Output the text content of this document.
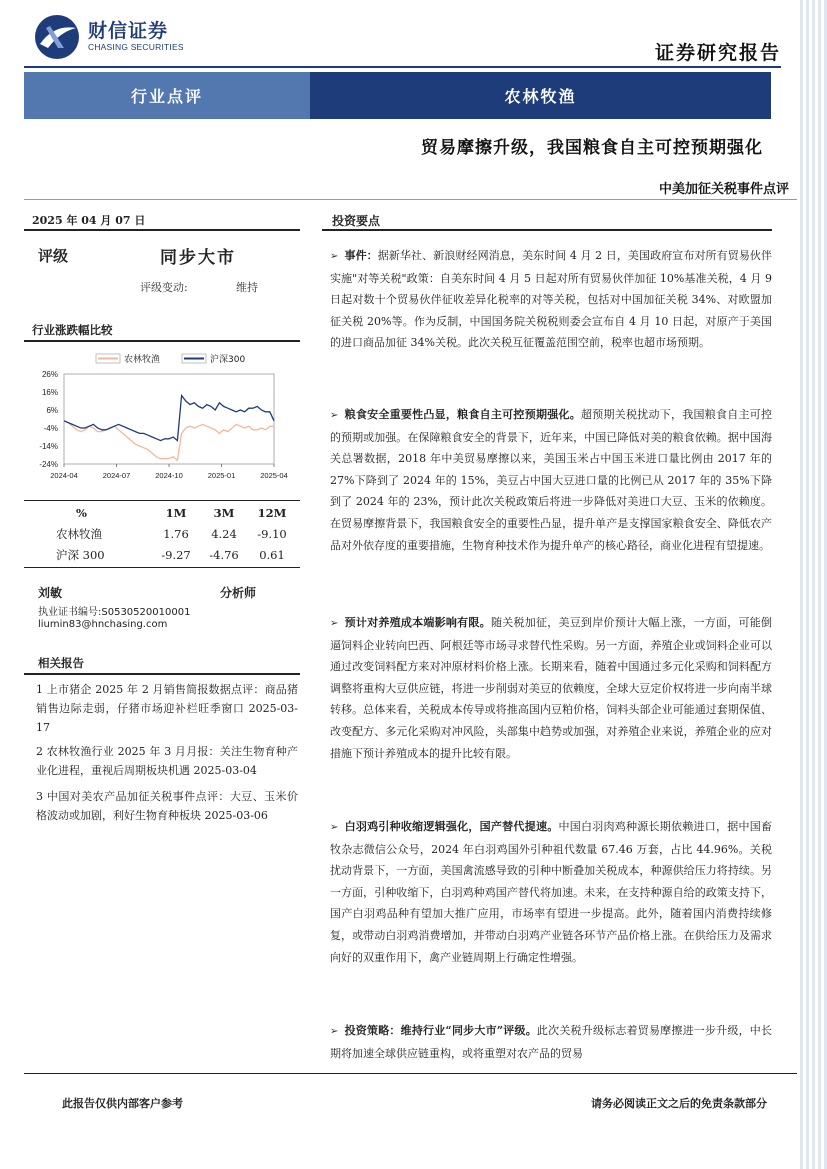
财信证券
CHASING SECURITIES	证券研究报告
行业点评	农林牧渔
贸易摩擦升级，我国粮食自主可控预期强化
中美加征关税事件点评
2025 年 04 月 07 日
评级	同步大市
评级变动:	维持
行业涨跌幅比较
26%
16%
6%
-4%
-14%
-24%
2024-04	2024-07	2024-10	2025-01	2025-04
农林牧渔	沪深300
%	1M	3M	12M
农林牧渔	1.76	4.24	-9.10
沪深 300	-9.27	-4.76	0.61
刘敏	分析师
执业证书编号:S0530520010001
liumin83@hnchasing.com
相关报告
1 上市猪企 2025 年 2 月销售简报数据点评：商品猪销售边际走弱，仔猪市场迎补栏旺季窗口 2025-03-17
2 农林牧渔行业 2025 年 3 月月报：关注生物育种产业化进程，重视后周期板块机遇 2025-03-04
3 中国对美农产品加征关税事件点评：大豆、玉米价格波动或加剧，利好生物育种板块 2025-03-06
投资要点
➢ 事件：据新华社、新浪财经网消息，美东时间 4 月 2 日，美国政府宣布对所有贸易伙伴实施"对等关税"政策：自美东时间 4 月 5 日起对所有贸易伙伴加征 10%基准关税，4 月 9 日起对数十个贸易伙伴征收差异化税率的对等关税，包括对中国加征关税 34%、对欧盟加征关税 20%等。作为反制，中国国务院关税税则委会宣布自 4 月 10 日起，对原产于美国的进口商品加征 34%关税。此次关税互征覆盖范围空前，税率也超市场预期。
➢ 粮食安全重要性凸显，粮食自主可控预期强化。超预期关税扰动下，我国粮食自主可控的预期或加强。在保障粮食安全的背景下，近年来，中国已降低对美的粮食依赖。据中国海关总署数据，2018 年中美贸易摩擦以来，美国玉米占中国玉米进口量比例由 2017 年的 27%下降到了 2024 年的 15%，美豆占中国大豆进口量的比例已从 2017 年的 35%下降到了 2024 年的 23%，预计此次关税政策后将进一步降低对美进口大豆、玉米的依赖度。在贸易摩擦背景下，我国粮食安全的重要性凸显，提升单产是支撑国家粮食安全、降低农产品对外依存度的重要措施，生物育种技术作为提升单产的核心路径，商业化进程有望提速。
➢ 预计对养殖成本端影响有限。随关税加征，美豆到岸价预计大幅上涨，一方面，可能倒逼饲料企业转向巴西、阿根廷等市场寻求替代性采购。另一方面，养殖企业或饲料企业可以通过改变饲料配方来对冲原材料价格上涨。长期来看，随着中国通过多元化采购和饲料配方调整将重构大豆供应链，将进一步削弱对美豆的依赖度，全球大豆定价权将进一步向南半球转移。总体来看，关税成本传导或将推高国内豆粕价格，饲料头部企业可能通过套期保值、改变配方、多元化采购对冲风险，头部集中趋势或加强，对养殖企业来说，养殖企业的应对措施下预计养殖成本的提升比较有限。
➢ 白羽鸡引种收缩逻辑强化，国产替代提速。中国白羽肉鸡种源长期依赖进口，据中国畜牧杂志微信公众号，2024 年白羽鸡国外引种祖代数量 67.46 万套，占比 44.96%。关税扰动背景下，一方面，美国禽流感导致的引种中断叠加关税成本，种源供给压力将持续。另一方面，引种收缩下，白羽鸡种鸡国产替代将加速。未来，在支持种源自给的政策支持下，国产白羽鸡品种有望加大推广应用，市场率有望进一步提高。此外，随着国内消费持续修复，或带动白羽鸡消费增加，并带动白羽鸡产业链各环节产品价格上涨。在供给压力及需求向好的双重作用下，禽产业链周期上行确定性增强。
➢ 投资策略：维持行业“同步大市”评级。此次关税升级标志着贸易摩擦进一步升级，中长期将加速全球供应链重构，或将重塑对农产品的贸易
此报告仅供内部客户参考	请务必阅读正文之后的免责条款部分
